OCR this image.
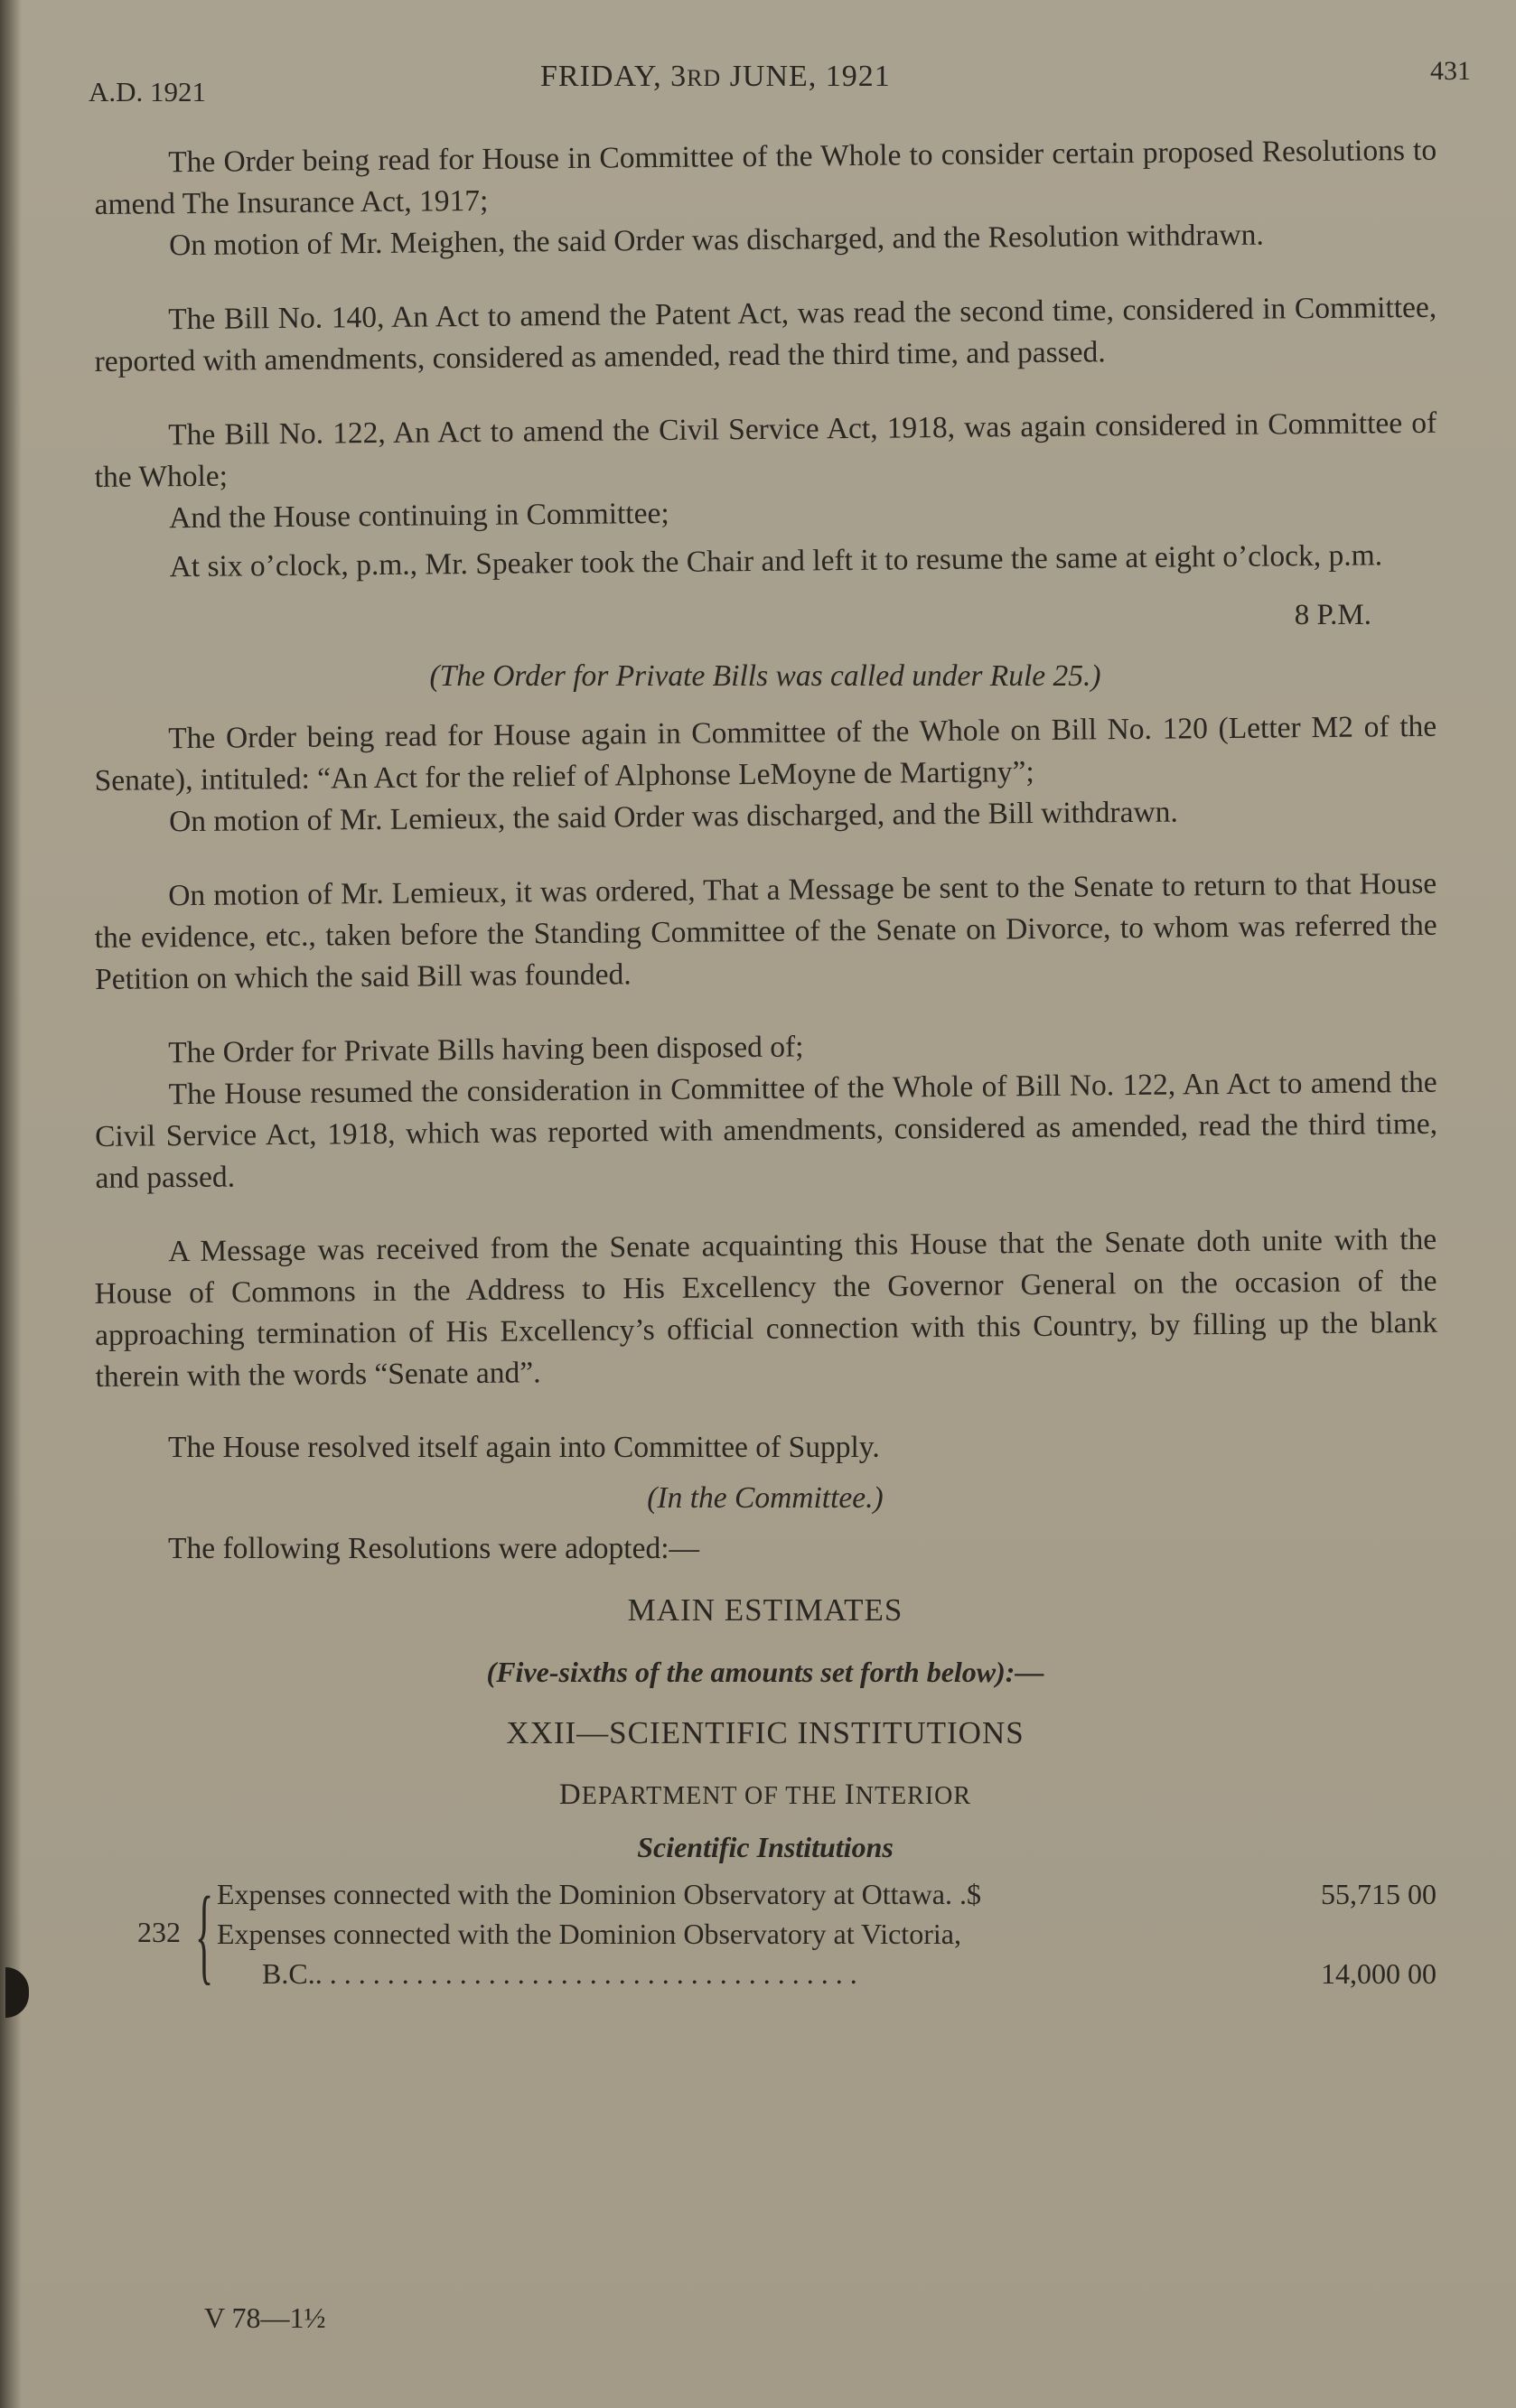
A.D. 1921	FRIDAY, 3RD JUNE, 1921	431

The Order being read for House in Committee of the Whole to consider certain proposed Resolutions to amend The Insurance Act, 1917;

On motion of Mr. Meighen, the said Order was discharged, and the Resolution withdrawn.

The Bill No. 140, An Act to amend the Patent Act, was read the second time, considered in Committee, reported with amendments, considered as amended, read the third time, and passed.

The Bill No. 122, An Act to amend the Civil Service Act, 1918, was again considered in Committee of the Whole;

And the House continuing in Committee;

At six o’clock, p.m., Mr. Speaker took the Chair and left it to resume the same at eight o’clock, p.m.

8 P.M.

(The Order for Private Bills was called under Rule 25.)

The Order being read for House again in Committee of the Whole on Bill No. 120 (Letter M2 of the Senate), intituled: “An Act for the relief of Alphonse LeMoyne de Martigny”;

On motion of Mr. Lemieux, the said Order was discharged, and the Bill withdrawn.

On motion of Mr. Lemieux, it was ordered, That a Message be sent to the Senate to return to that House the evidence, etc., taken before the Standing Committee of the Senate on Divorce, to whom was referred the Petition on which the said Bill was founded.

The Order for Private Bills having been disposed of;

The House resumed the consideration in Committee of the Whole of Bill No. 122, An Act to amend the Civil Service Act, 1918, which was reported with amendments, considered as amended, read the third time, and passed.

A Message was received from the Senate acquainting this House that the Senate doth unite with the House of Commons in the Address to His Excellency the Governor General on the occasion of the approaching termination of His Excellency’s official connection with this Country, by filling up the blank therein with the words “Senate and”.

The House resolved itself again into Committee of Supply.

(In the Committee.)

The following Resolutions were adopted:—

MAIN ESTIMATES

(Five-sixths of the amounts set forth below):—

XXII—SCIENTIFIC INSTITUTIONS

DEPARTMENT OF THE INTERIOR

Scientific Institutions

232 { Expenses connected with the Dominion Observatory at Ottawa. .$	55,715 00
Expenses connected with the Dominion Observatory at Victoria,
B.C.. . . . . . . . . . . . . . . . . . . . . . . . . . . . . . . . . . . . . .	14,000 00
V 78—1½
